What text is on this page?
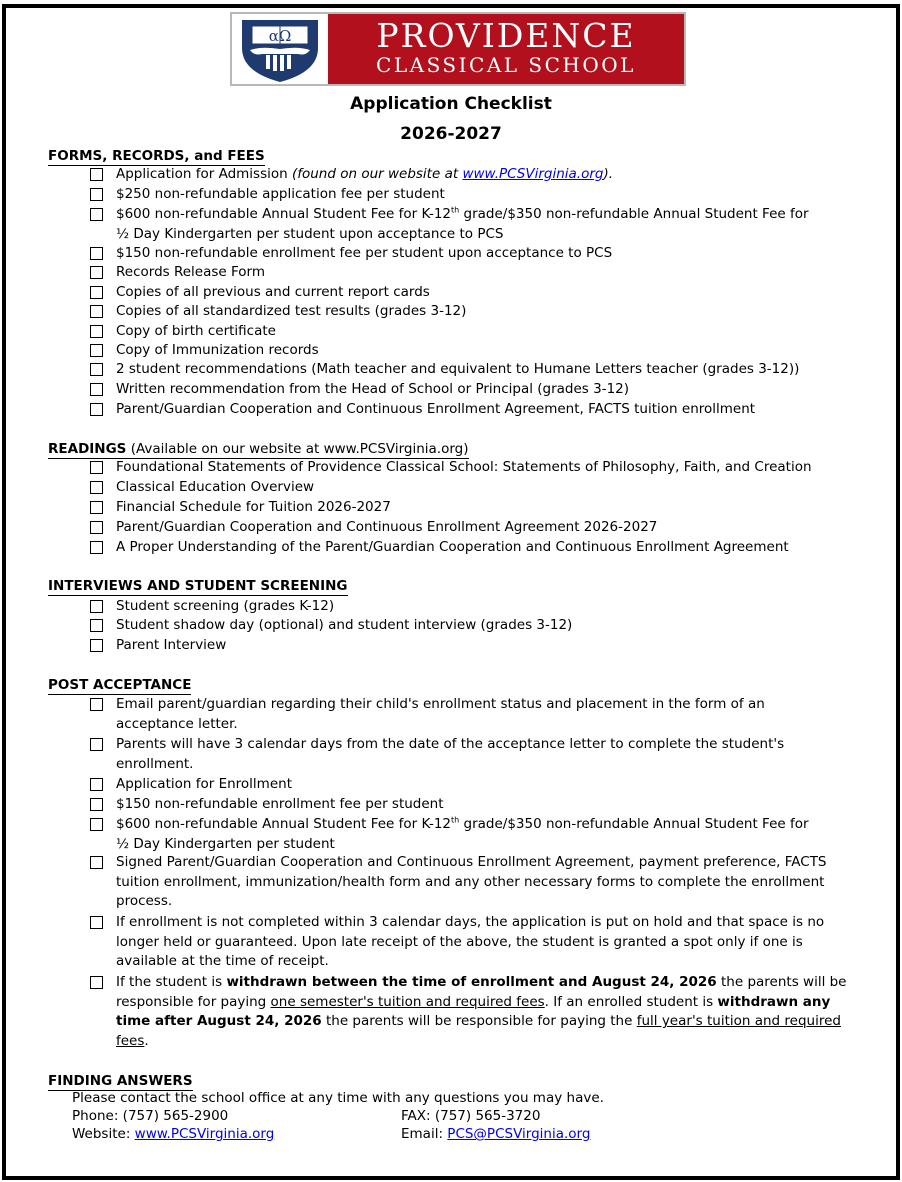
αΩ	PROVIDENCE
CLASSICAL SCHOOL
Application Checklist
2026-2027
FORMS, RECORDS, and FEES
Application for Admission (found on our website at www.PCSVirginia.org).
$250 non-refundable application fee per student
$600 non-refundable Annual Student Fee for K-12th grade/$350 non-refundable Annual Student Fee for
½ Day Kindergarten per student upon acceptance to PCS
$150 non-refundable enrollment fee per student upon acceptance to PCS
Records Release Form
Copies of all previous and current report cards
Copies of all standardized test results (grades 3-12)
Copy of birth certificate
Copy of Immunization records
2 student recommendations (Math teacher and equivalent to Humane Letters teacher (grades 3-12))
Written recommendation from the Head of School or Principal (grades 3-12)
Parent/Guardian Cooperation and Continuous Enrollment Agreement, FACTS tuition enrollment
READINGS (Available on our website at www.PCSVirginia.org)
Foundational Statements of Providence Classical School: Statements of Philosophy, Faith, and Creation
Classical Education Overview
Financial Schedule for Tuition 2026-2027
Parent/Guardian Cooperation and Continuous Enrollment Agreement 2026-2027
A Proper Understanding of the Parent/Guardian Cooperation and Continuous Enrollment Agreement
INTERVIEWS AND STUDENT SCREENING
Student screening (grades K-12)
Student shadow day (optional) and student interview (grades 3-12)
Parent Interview
POST ACCEPTANCE
Email parent/guardian regarding their child's enrollment status and placement in the form of an acceptance letter.
Parents will have 3 calendar days from the date of the acceptance letter to complete the student's enrollment.
Application for Enrollment
$150 non-refundable enrollment fee per student
$600 non-refundable Annual Student Fee for K-12th grade/$350 non-refundable Annual Student Fee for
½ Day Kindergarten per student
Signed Parent/Guardian Cooperation and Continuous Enrollment Agreement, payment preference, FACTS tuition enrollment, immunization/health form and any other necessary forms to complete the enrollment process.
If enrollment is not completed within 3 calendar days, the application is put on hold and that space is no longer held or guaranteed. Upon late receipt of the above, the student is granted a spot only if one is available at the time of receipt.
If the student is withdrawn between the time of enrollment and August 24, 2026 the parents will be responsible for paying one semester's tuition and required fees. If an enrolled student is withdrawn any time after August 24, 2026 the parents will be responsible for paying the full year's tuition and required fees.
FINDING ANSWERS
Please contact the school office at any time with any questions you may have.
Phone: (757) 565-2900	FAX: (757) 565-3720
Website: www.PCSVirginia.org	Email: PCS@PCSVirginia.org
